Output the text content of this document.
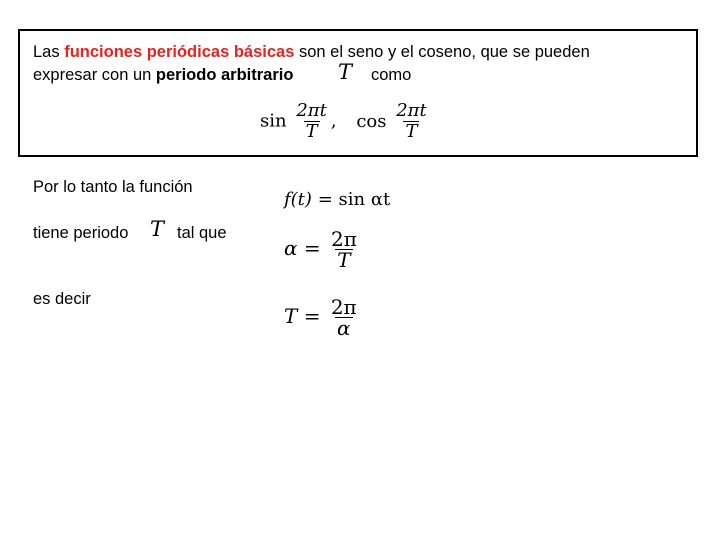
Las funciones periódicas básicas son el seno y el coseno, que se pueden
expresar con un periodo arbitrario T como
$\sin \frac{2\pi t}{T}$ , $\cos \frac{2\pi t}{T}$
Por lo tanto la función
tiene periodo T tal que
es decir
f(t) = sin αt
$\alpha = \frac{2\pi}{T}$
$T = \frac{2\pi}{\alpha}$
